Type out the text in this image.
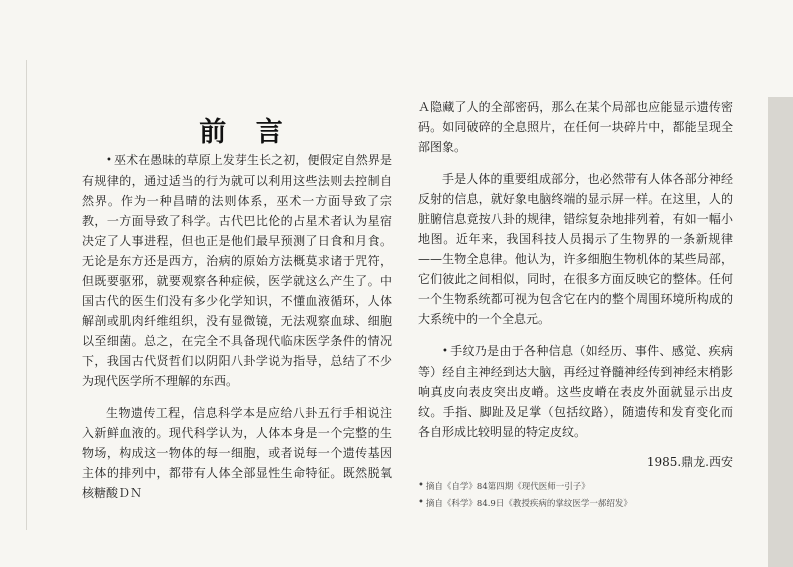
前 言

• 巫术在愚昧的草原上发芽生长之初，便假定自然界是有规律的，通过适当的行为就可以利用这些法则去控制自然界。作为一种昌晴的法则体系，巫术一方面导致了宗教，一方面导致了科学。古代巴比伦的占星术者认为星宿决定了人事进程，但也正是他们最早预测了日食和月食。无论是东方还是西方，治病的原始方法概莫求诸于咒符，但既要驱邪，就要观察各种症候，医学就这么产生了。中国古代的医生们没有多少化学知识，不懂血液循环，人体解剖或肌肉纤维组织，没有显微镜，无法观察血球、细胞以至细菌。总之，在完全不具备现代临床医学条件的情况下，我国古代贤哲们以阴阳八卦学说为指导，总结了不少为现代医学所不理解的东西。

生物遗传工程，信息科学本是应给八卦五行手相说注入新鲜血液的。现代科学认为，人体本身是一个完整的生物场，构成这一物体的每一细胞，或者说每一个遗传基因主体的排列中，都带有人体全部显性生命特征。既然脱氧核糖酸ＤＮ

Ａ隐藏了人的全部密码，那么在某个局部也应能显示遗传密码。如同破碎的全息照片，在任何一块碎片中，都能呈现全部图象。

手是人体的重要组成部分，也必然带有人体各部分神经反射的信息，就好象电脑终端的显示屏一样。在这里，人的脏腑信息竟按八卦的规律，错综复杂地排列着，有如一幅小地图。近年来，我国科技人员揭示了生物界的一条新规律——生物全息律。他认为，许多细胞生物机体的某些局部，它们彼此之间相似，同时，在很多方面反映它的整体。任何一个生物系统都可视为包含它在内的整个周围环境所构成的大系统中的一个全息元。

• 手纹乃是由于各种信息（如经历、事件、感觉、疾病等）经自主神经到达大脑，再经过脊髓神经传到神经末梢影响真皮向表皮突出皮嵴。这些皮嵴在表皮外面就显示出皮纹。手指、脚趾及足掌（包括纹路），随遗传和发育变化而各自形成比较明显的特定皮纹。

1985.鼎龙.西安

• 摘自《自学》84第四期《现代医师一引子》

• 摘自《科学》84.9日《教授疾病的掌纹医学一郝绍发》
